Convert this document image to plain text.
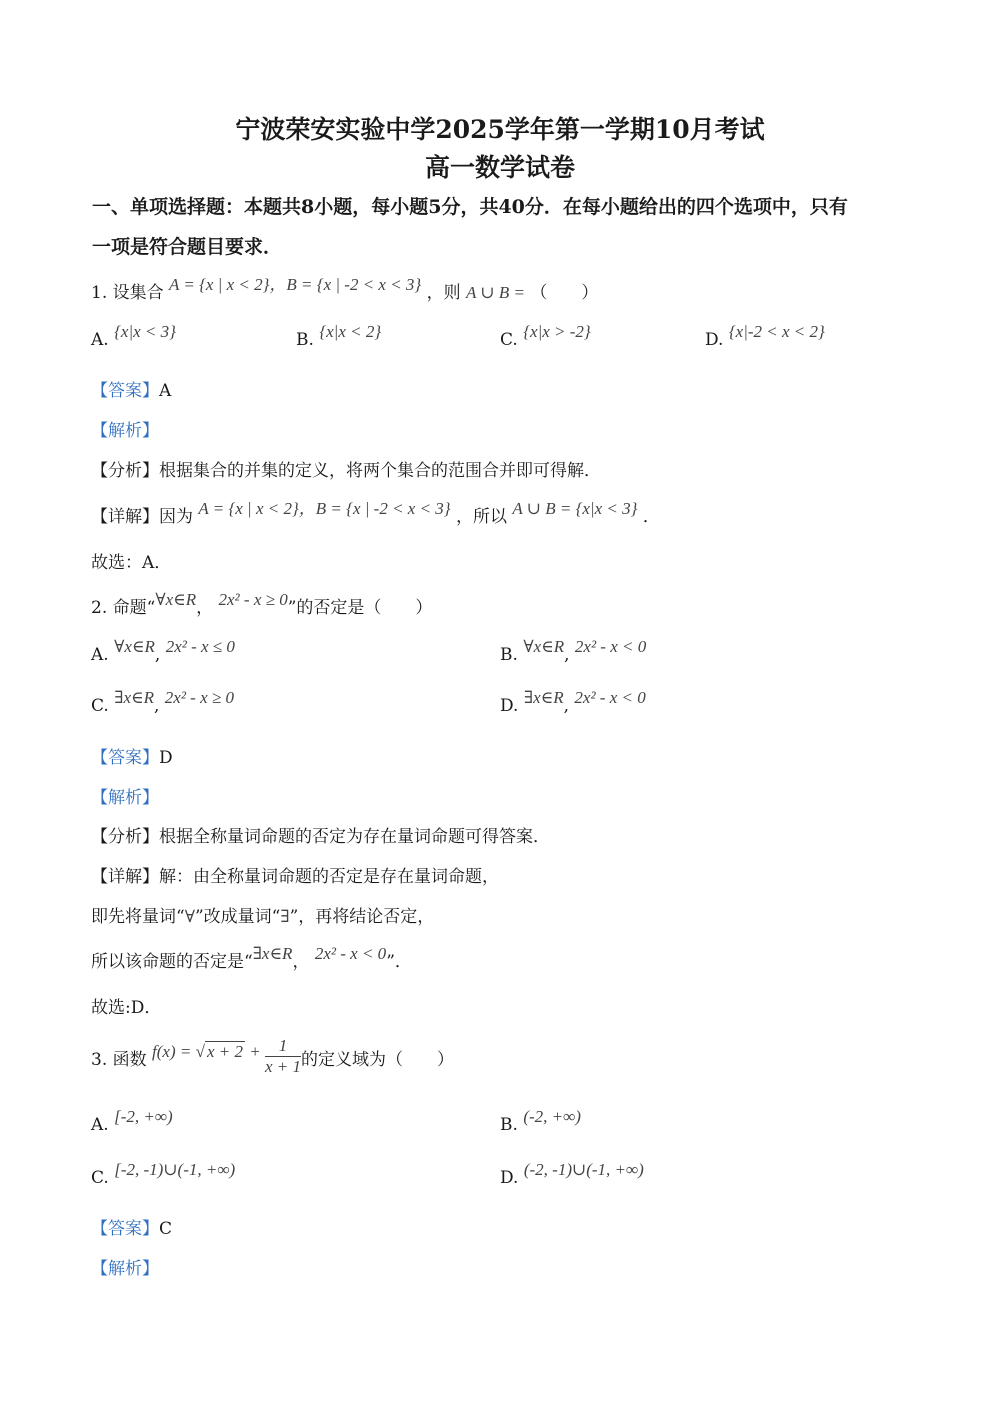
宁波荣安实验中学2025学年第一学期10月考试
高一数学试卷
一、单项选择题：本题共8小题，每小题5分，共40分．在每小题给出的四个选项中，只有
一项是符合题目要求．
1. 设集合 A = {x | x < 2}，B = {x | -2 < x < 3} ，则 A ∪ B = （　　）
A. {x|x < 3}	B. {x|x < 2}	C. {x|x > -2}	D. {x|-2 < x < 2}
【答案】A
【解析】
【分析】根据集合的并集的定义，将两个集合的范围合并即可得解．
【详解】因为 A = {x | x < 2}，B = {x | -2 < x < 3} ，所以 A ∪ B = {x|x < 3} ．
故选：A．
2. 命题“∀x∈R， 2x² - x ≥ 0”的否定是（　　）
A. ∀x∈R, 2x² - x ≤ 0	B. ∀x∈R, 2x² - x < 0
C. ∃x∈R, 2x² - x ≥ 0	D. ∃x∈R, 2x² - x < 0
【答案】D
【解析】
【分析】根据全称量词命题的否定为存在量词命题可得答案．
【详解】解：由全称量词命题的否定是存在量词命题，
即先将量词“∀”改成量词“∃”，再将结论否定，
所以该命题的否定是“∃x∈R， 2x² - x < 0”．
故选:D．
3. 函数 f(x) = √ $x + 2 + \frac{1}{x + 1}$ 的定义域为（　　）
A. [-2, +∞)	B. (-2, +∞)
C. [-2, -1)∪(-1, +∞)	D. (-2, -1)∪(-1, +∞)
【答案】C
【解析】
